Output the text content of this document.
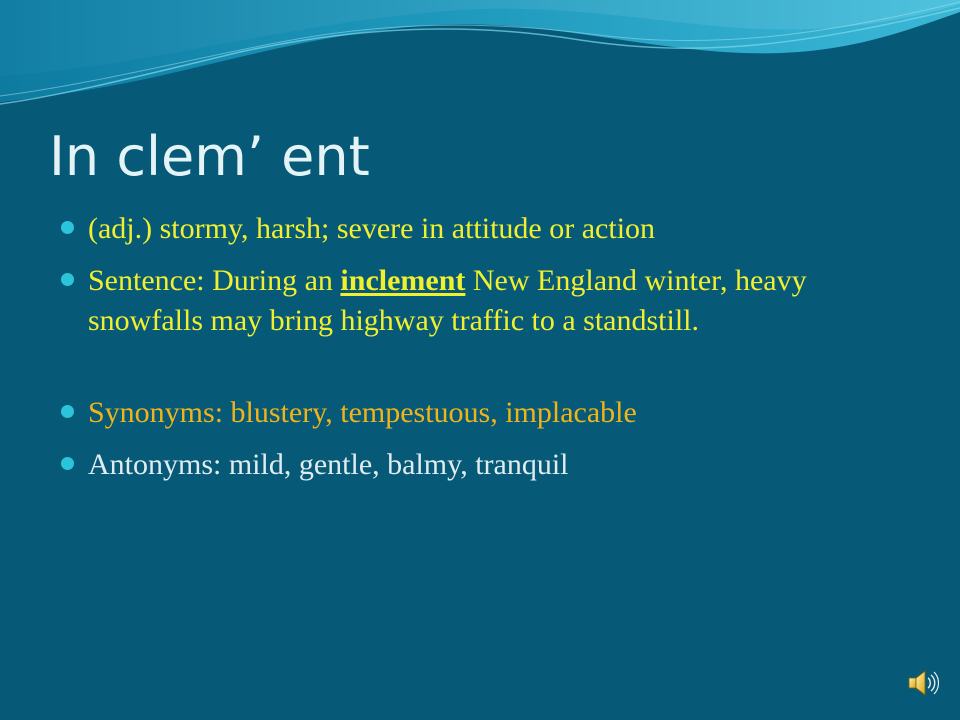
In clem’ ent
(adj.) stormy, harsh; severe in attitude or action
Sentence: During an inclement New England winter, heavy snowfalls may bring highway traffic to a standstill.
Synonyms: blustery, tempestuous, implacable
Antonyms: mild, gentle, balmy, tranquil
